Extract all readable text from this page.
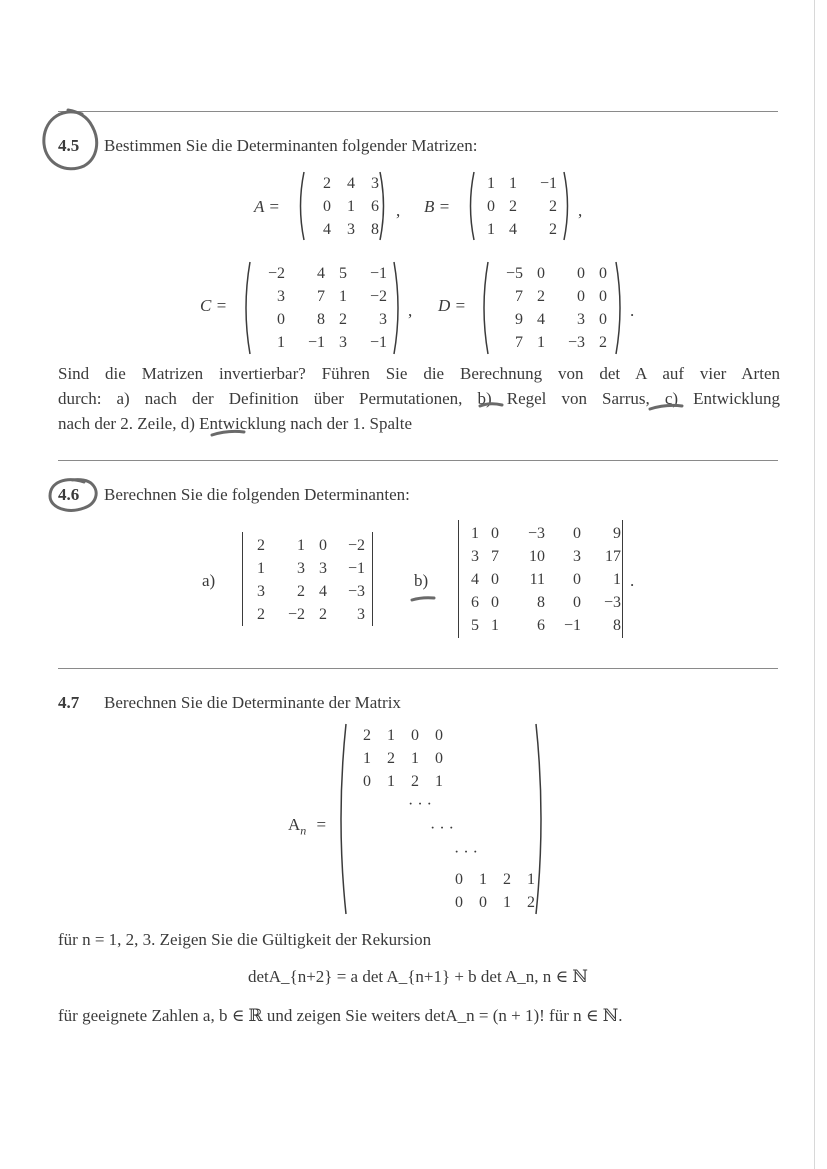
4.5 Bestimmen Sie die Determinanten folgender Matrizen:
A =
2	4	3
0	1	6
4	3	8
, B =
1	1	−1
0	2	2
1	4	2
,
C =
−2	4	5	−1
3	7	1	−2
0	8	2	3
1	−1	3	−1
, D =
−5	0	0	0
7	2	0	0
9	4	3	0
7	1	−3	2
.
Sind die Matrizen invertierbar? Führen Sie die Berechnung von det A auf vier Arten
durch: a) nach der Definition über Permutationen, b) Regel von Sarrus, c) Entwicklung
nach der 2. Zeile, d) Entwicklung nach der 1. Spalte
4.6 Berechnen Sie die folgenden Determinanten:
a)
2	1	0	−2
1	3	3	−1
3	2	4	−3
2	−2	2	3
b)
1	0	−3	0	9
3	7	10	3	17
4	0	11	0	1
6	0	8	0	−3
5	1	6	−1	8
.
4.7 Berechnen Sie die Determinante der Matrix
$A_n$ =
2	1	0	0
1	2	1	0
0	1	2	1
· · ·
· · ·
· · ·
0	1	2	1
0	0	1	2
für n = 1, 2, 3. Zeigen Sie die Gültigkeit der Rekursion
detA_{n+2} = a det A_{n+1} + b det A_n, n ∈ ℕ
für geeignete Zahlen a, b ∈ ℝ und zeigen Sie weiters detA_n = (n + 1)! für n ∈ ℕ.
